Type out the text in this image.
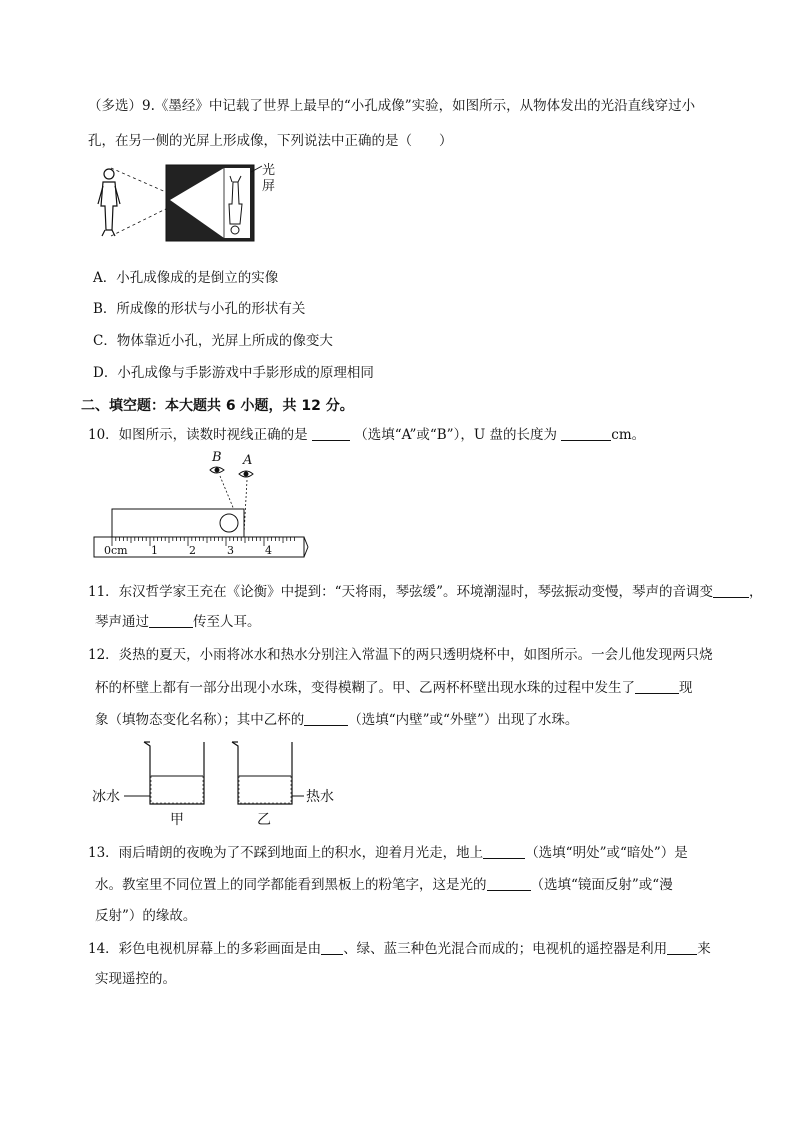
（多选）9.《墨经》中记载了世界上最早的“小孔成像”实验，如图所示，从物体发出的光沿直线穿过小
孔，在另一侧的光屏上形成像，下列说法中正确的是（　　）
光
屏
A．小孔成像成的是倒立的实像
B．所成像的形状与小孔的形状有关
C．物体靠近小孔，光屏上所成的像变大
D．小孔成像与手影游戏中手影形成的原理相同
二、填空题：本大题共 6 小题，共 12 分。
10．如图所示，读数时视线正确的是	（选填“A”或“B”），U 盘的长度为	cm。
B A
0cm 1	2	3	4
11．东汉哲学家王充在《论衡》中提到：“天将雨，琴弦缓”。环境潮湿时，琴弦振动变慢，琴声的音调变	，
琴声通过	传至人耳。
12．炎热的夏天，小雨将冰水和热水分别注入常温下的两只透明烧杯中，如图所示。一会儿他发现两只烧
杯的杯壁上都有一部分出现小水珠，变得模糊了。甲、乙两杯杯壁出现水珠的过程中发生了	现
象（填物态变化名称）；其中乙杯的	（选填“内壁”或“外壁”）出现了水珠。
冰水	热水
甲	乙
13．雨后晴朗的夜晚为了不踩到地面上的积水，迎着月光走，地上	（选填“明处”或“暗处”）是
水。教室里不同位置上的同学都能看到黑板上的粉笔字，这是光的	（选填“镜面反射”或“漫
反射”）的缘故。
14．彩色电视机屏幕上的多彩画面是由 、绿、蓝三种色光混合而成的；电视机的遥控器是利用 来
实现遥控的。
